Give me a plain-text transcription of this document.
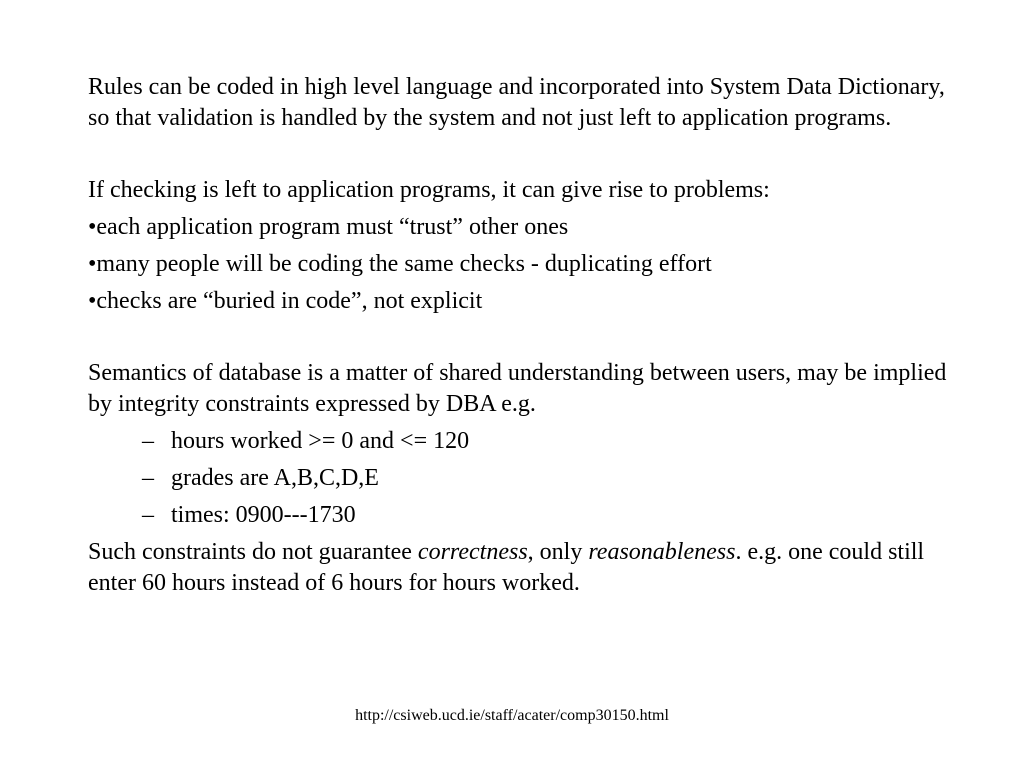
Rules can be coded in high level language and incorporated into System Data Dictionary, so that validation is handled by the system and not just left to application programs.

If checking is left to application programs, it can give rise to problems:

•each application program must “trust” other ones

•many people will be coding the same checks - duplicating effort

•checks are “buried in code”, not explicit

Semantics of database is a matter of shared understanding between users, may be implied by integrity constraints expressed by DBA e.g.

– hours worked >= 0 and <= 120
– grades are A,B,C,D,E
– times: 0900---1730

Such constraints do not guarantee correctness, only reasonableness. e.g. one could still enter 60 hours instead of 6 hours for hours worked.

http://csiweb.ucd.ie/staff/acater/comp30150.html
